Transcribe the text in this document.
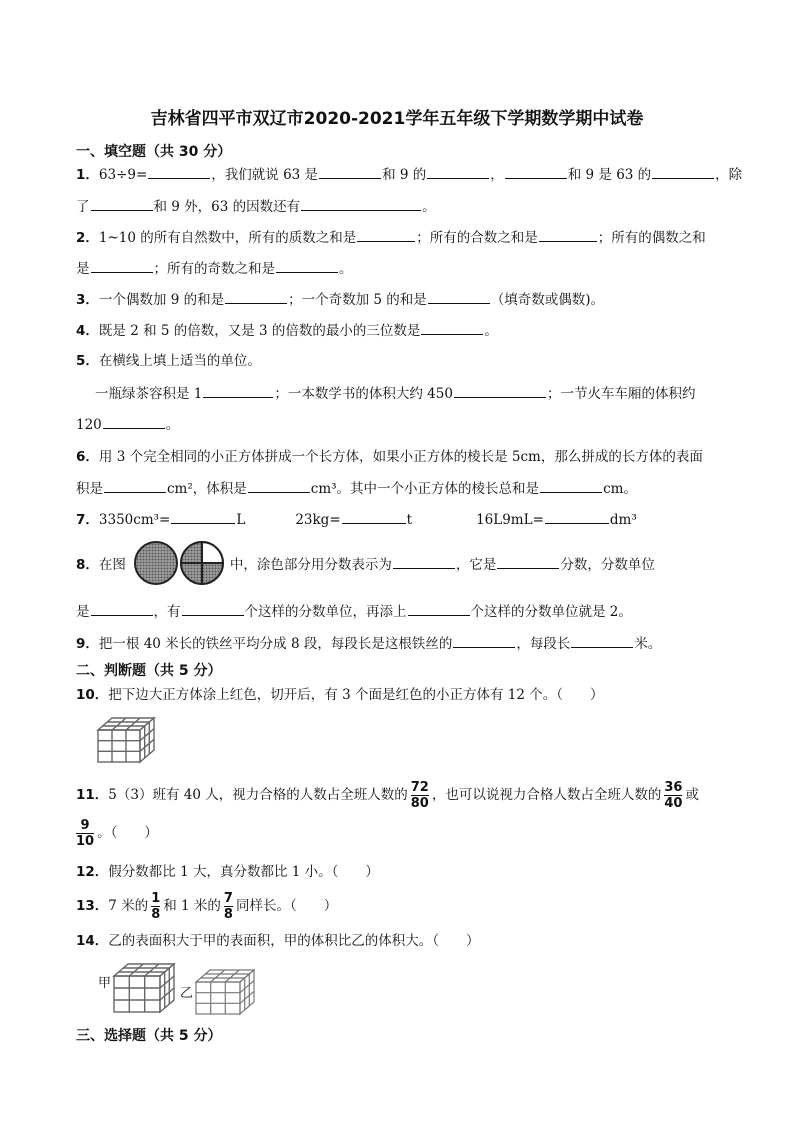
吉林省四平市双辽市2020-2021学年五年级下学期数学期中试卷
一、填空题（共 30 分）
1．63÷9=	，我们就说 63 是	和 9 的	，	和 9 是 63 的	，除
了	和 9 外，63 的因数还有	。
2．1~10 的所有自然数中，所有的质数之和是	；所有的合数之和是	；所有的偶数之和
是	；所有的奇数之和是	。
3．一个偶数加 9 的和是	；一个奇数加 5 的和是	（填奇数或偶数)。
4．既是 2 和 5 的倍数，又是 3 的倍数的最小的三位数是	。
5．在横线上填上适当的单位。
一瓶绿茶容积是 1	；一本数学书的体积大约 450	；一节火车车厢的体积约
120	。
6．用 3 个完全相同的小正方体拼成一个长方体，如果小正方体的棱长是 5cm，那么拼成的长方体的表面
积是	cm²，体积是	cm³。其中一个小正方体的棱长总和是	cm。
7．3350cm³=	L	23kg=	t	16L9mL=	dm³
8．在图	中，涂色部分用分数表示为	，它是	分数，分数单位
是	，有	个这样的分数单位，再添上	个这样的分数单位就是 2。
9．把一根 40 米长的铁丝平均分成 8 段，每段长是这根铁丝的	，每段长	米。
二、判断题（共 5 分）
10．把下边大正方体涂上红色，切开后，有 3 个面是红色的小正方体有 12 个。（　　）
11．5（3）班有 40 人，视力合格的人数占全班人数的 $\frac{72}{80}$ ，也可以说视力合格人数占全班人数的 $\frac{36}{40}$ 或
$\frac{9}{10}$ 。（　　）
12．假分数都比 1 大，真分数都比 1 小。（　　）
13．7 米的 $\frac{1}{8}$ 和 1 米的 $\frac{7}{8}$ 同样长。（　　）
14．乙的表面积大于甲的表面积，甲的体积比乙的体积大。（　　）
甲
乙
三、选择题（共 5 分）
